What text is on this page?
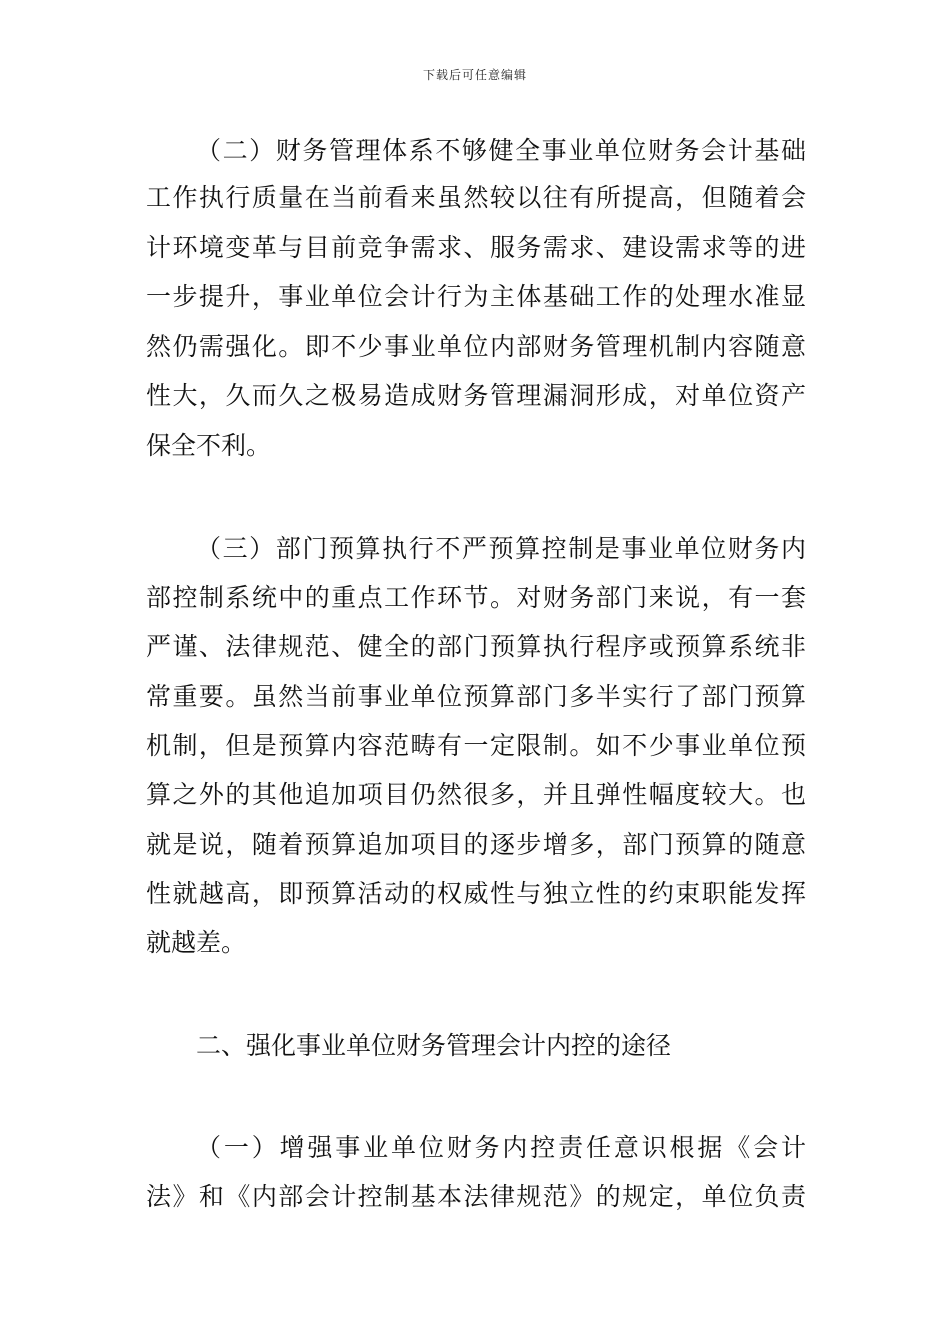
下载后可任意编辑
（二）财务管理体系不够健全事业单位财务会计基础
工作执行质量在当前看来虽然较以往有所提高，但随着会
计环境变革与目前竞争需求、服务需求、建设需求等的进
一步提升，事业单位会计行为主体基础工作的处理水准显
然仍需强化。即不少事业单位内部财务管理机制内容随意
性大，久而久之极易造成财务管理漏洞形成，对单位资产
保全不利。
（三）部门预算执行不严预算控制是事业单位财务内
部控制系统中的重点工作环节。对财务部门来说，有一套
严谨、法律规范、健全的部门预算执行程序或预算系统非
常重要。虽然当前事业单位预算部门多半实行了部门预算
机制，但是预算内容范畴有一定限制。如不少事业单位预
算之外的其他追加项目仍然很多，并且弹性幅度较大。也
就是说，随着预算追加项目的逐步增多，部门预算的随意
性就越高，即预算活动的权威性与独立性的约束职能发挥
就越差。
二、强化事业单位财务管理会计内控的途径
（一）增强事业单位财务内控责任意识根据《会计
法》和《内部会计控制基本法律规范》的规定，单位负责
